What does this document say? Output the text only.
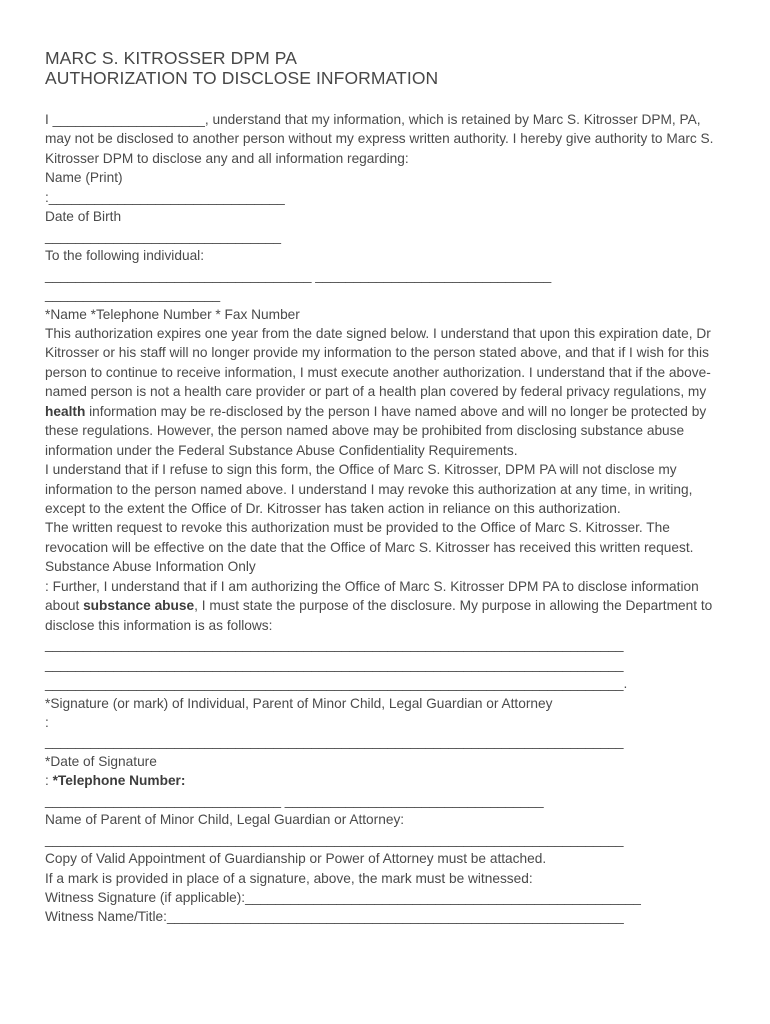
MARC S. KITROSSER DPM PA
AUTHORIZATION TO DISCLOSE INFORMATION
I ____________________, understand that my information, which is retained by Marc S. Kitrosser DPM, PA,
may not be disclosed to another person without my express written authority. I hereby give authority to Marc S.
Kitrosser DPM to disclose any and all information regarding:
Name (Print)
:_______________________________
Date of Birth
_______________________________
To the following individual:
___________________________________ _______________________________
_______________________
*Name *Telephone Number * Fax Number
This authorization expires one year from the date signed below. I understand that upon this expiration date, Dr
Kitrosser or his staff will no longer provide my information to the person stated above, and that if I wish for this
person to continue to receive information, I must execute another authorization. I understand that if the above-
named person is not a health care provider or part of a health plan covered by federal privacy regulations, my
health information may be re-disclosed by the person I have named above and will no longer be protected by
these regulations. However, the person named above may be prohibited from disclosing substance abuse
information under the Federal Substance Abuse Confidentiality Requirements.
I understand that if I refuse to sign this form, the Office of Marc S. Kitrosser, DPM PA will not disclose my
information to the person named above. I understand I may revoke this authorization at any time, in writing,
except to the extent the Office of Dr. Kitrosser has taken action in reliance on this authorization.
The written request to revoke this authorization must be provided to the Office of Marc S. Kitrosser. The
revocation will be effective on the date that the Office of Marc S. Kitrosser has received this written request.
Substance Abuse Information Only
: Further, I understand that if I am authorizing the Office of Marc S. Kitrosser DPM PA to disclose information
about substance abuse, I must state the purpose of the disclosure. My purpose in allowing the Department to
disclose this information is as follows:
____________________________________________________________________________
____________________________________________________________________________
____________________________________________________________________________.
*Signature (or mark) of Individual, Parent of Minor Child, Legal Guardian or Attorney
:
____________________________________________________________________________
*Date of Signature
: *Telephone Number:
_______________________________ __________________________________
Name of Parent of Minor Child, Legal Guardian or Attorney:
____________________________________________________________________________
Copy of Valid Appointment of Guardianship or Power of Attorney must be attached.
If a mark is provided in place of a signature, above, the mark must be witnessed:
Witness Signature (if applicable):____________________________________________________
Witness Name/Title:____________________________________________________________
